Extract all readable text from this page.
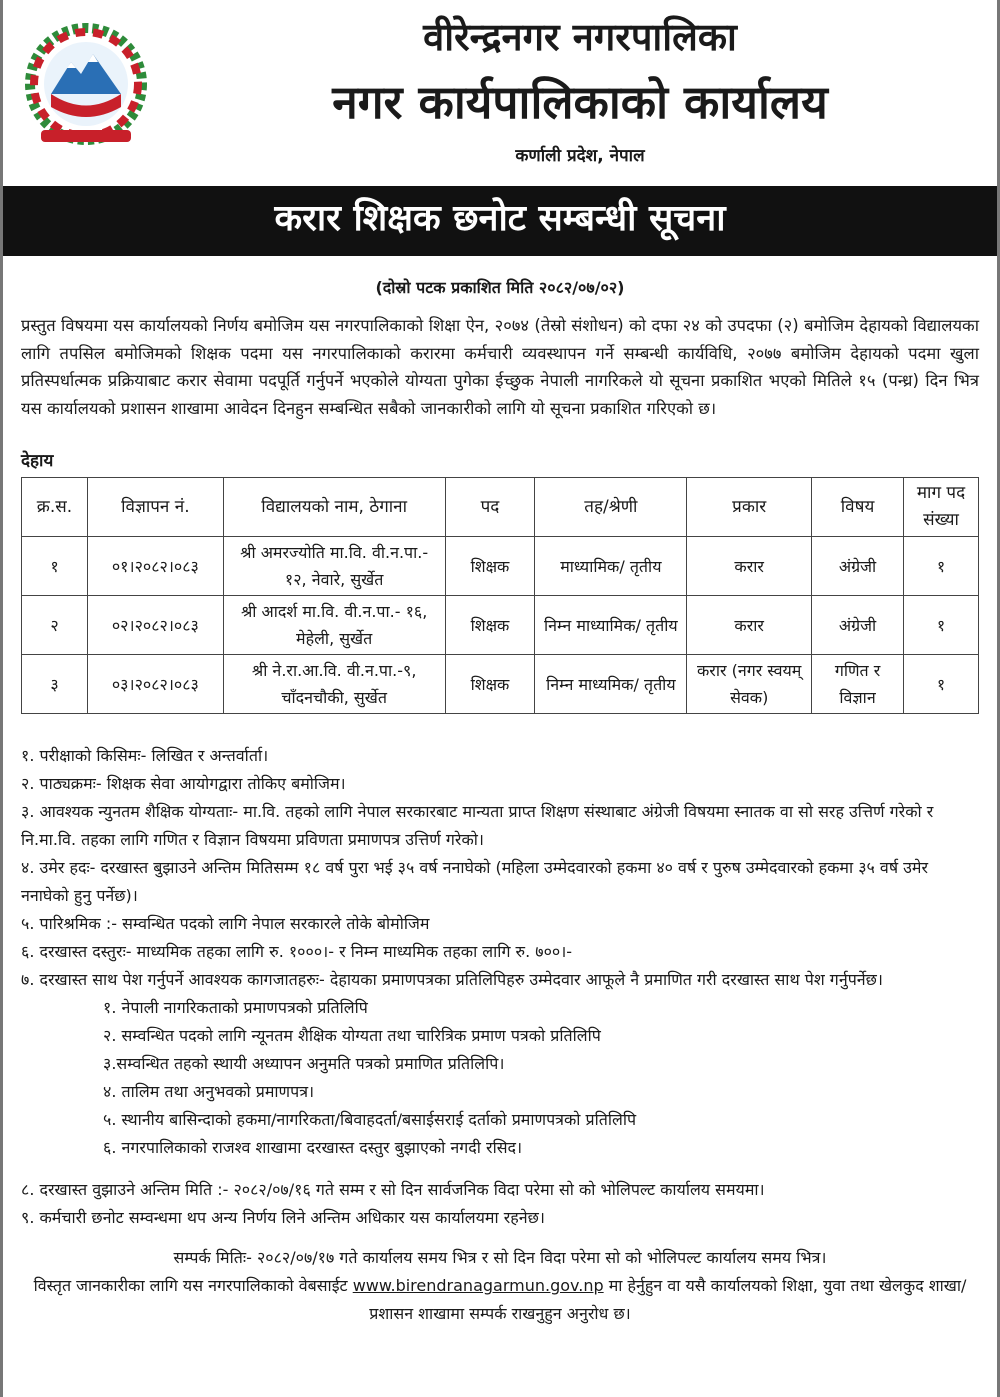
वीरेन्द्रनगर नगरपालिका
नगर कार्यपालिकाको कार्यालय
कर्णाली प्रदेश, नेपाल
करार शिक्षक छनोट सम्बन्धी सूचना
(दोस्रो पटक प्रकाशित मिति २०८२/०७/०२)

प्रस्तुत विषयमा यस कार्यालयको निर्णय बमोजिम यस नगरपालिकाको शिक्षा ऐन, २०७४ (तेस्रो संशोधन) को दफा २४ को उपदफा (२) बमोजिम देहायको विद्यालयका लागि तपसिल बमोजिमको शिक्षक पदमा यस नगरपालिकाको करारमा कर्मचारी व्यवस्थापन गर्ने सम्बन्धी कार्यविधि, २०७७ बमोजिम देहायको पदमा खुला प्रतिस्पर्धात्मक प्रक्रियाबाट करार सेवामा पदपूर्ति गर्नुपर्ने भएकोले योग्यता पुगेका ईच्छुक नेपाली नागरिकले यो सूचना प्रकाशित भएको मितिले १५ (पन्ध्र) दिन भित्र यस कार्यालयको प्रशासन शाखामा आवेदन दिनहुन सम्बन्धित सबैको जानकारीको लागि यो सूचना प्रकाशित गरिएको छ।

देहाय
क्र.स.	विज्ञापन नं.	विद्यालयको नाम, ठेगाना	पद	तह/श्रेणी	प्रकार	विषय	माग पद संख्या
१	०१।२०८२।०८३	श्री अमरज्योति मा.वि. वी.न.पा.- १२, नेवारे, सुर्खेत	शिक्षक	माध्यामिक/ तृतीय	करार	अंग्रेजी	१
२	०२।२०८२।०८३	श्री आदर्श मा.वि. वी.न.पा.- १६, मेहेली, सुर्खेत	शिक्षक	निम्न माध्यामिक/ तृतीय	करार	अंग्रेजी	१
३	०३।२०८२।०८३	श्री ने.रा.आ.वि. वी.न.पा.-९, चाँदनचौकी, सुर्खेत	शिक्षक	निम्न माध्यमिक/ तृतीय	करार (नगर स्वयम् सेवक)	गणित र विज्ञान	१
१. परीक्षाको किसिमः- लिखित र अन्तर्वार्ता।
२. पाठ्यक्रमः- शिक्षक सेवा आयोगद्वारा तोकिए बमोजिम।
३. आवश्यक न्युनतम शैक्षिक योग्यताः- मा.वि. तहको लागि नेपाल सरकारबाट मान्यता प्राप्त शिक्षण संस्थाबाट अंग्रेजी विषयमा स्नातक वा सो सरह उत्तिर्ण गरेको र नि.मा.वि. तहका लागि गणित र विज्ञान विषयमा प्रविणता प्रमाणपत्र उत्तिर्ण गरेको।
४. उमेर हदः- दरखास्त बुझाउने अन्तिम मितिसम्म १८ वर्ष पुरा भई ३५ वर्ष ननाघेको (महिला उम्मेदवारको हकमा ४० वर्ष र पुरुष उम्मेदवारको हकमा ३५ वर्ष उमेर ननाघेको हुनु पर्नेछ)।
५. पारिश्रमिक :- सम्वन्धित पदको लागि नेपाल सरकारले तोके बोमोजिम
६. दरखास्त दस्तुरः- माध्यमिक तहका लागि रु. १०००।- र निम्न माध्यमिक तहका लागि रु. ७००।-
७. दरखास्त साथ पेश गर्नुपर्ने आवश्यक कागजातहरुः- देहायका प्रमाणपत्रका प्रतिलिपिहरु उम्मेदवार आफूले नै प्रमाणित गरी दरखास्त साथ पेश गर्नुपर्नेछ।
१. नेपाली नागरिकताको प्रमाणपत्रको प्रतिलिपि
२. सम्वन्धित पदको लागि न्यूनतम शैक्षिक योग्यता तथा चारित्रिक प्रमाण पत्रको प्रतिलिपि
३.सम्वन्धित तहको स्थायी अध्यापन अनुमति पत्रको प्रमाणित प्रतिलिपि।
४. तालिम तथा अनुभवको प्रमाणपत्र।
५. स्थानीय बासिन्दाको हकमा/नागरिकता/बिवाहदर्ता/बसाईसराई दर्ताको प्रमाणपत्रको प्रतिलिपि
६. नगरपालिकाको राजश्व शाखामा दरखास्त दस्तुर बुझाएको नगदी रसिद।
८. दरखास्त वुझाउने अन्तिम मिति :- २०८२/०७/१६ गते सम्म र सो दिन सार्वजनिक विदा परेमा सो को भोलिपल्ट कार्यालय समयमा।
९. कर्मचारी छनोट सम्वन्धमा थप अन्य निर्णय लिने अन्तिम अधिकार यस कार्यालयमा रहनेछ।
सम्पर्क मितिः- २०८२/०७/१७ गते कार्यालय समय भित्र र सो दिन विदा परेमा सो को भोलिपल्ट कार्यालय समय भित्र।
विस्तृत जानकारीका लागि यस नगरपालिकाको वेबसाईट www.birendranagarmun.gov.np मा हेर्नुहुन वा यसै कार्यालयको शिक्षा, युवा तथा खेलकुद शाखा/प्रशासन शाखामा सम्पर्क राखनुहुन अनुरोध छ।
